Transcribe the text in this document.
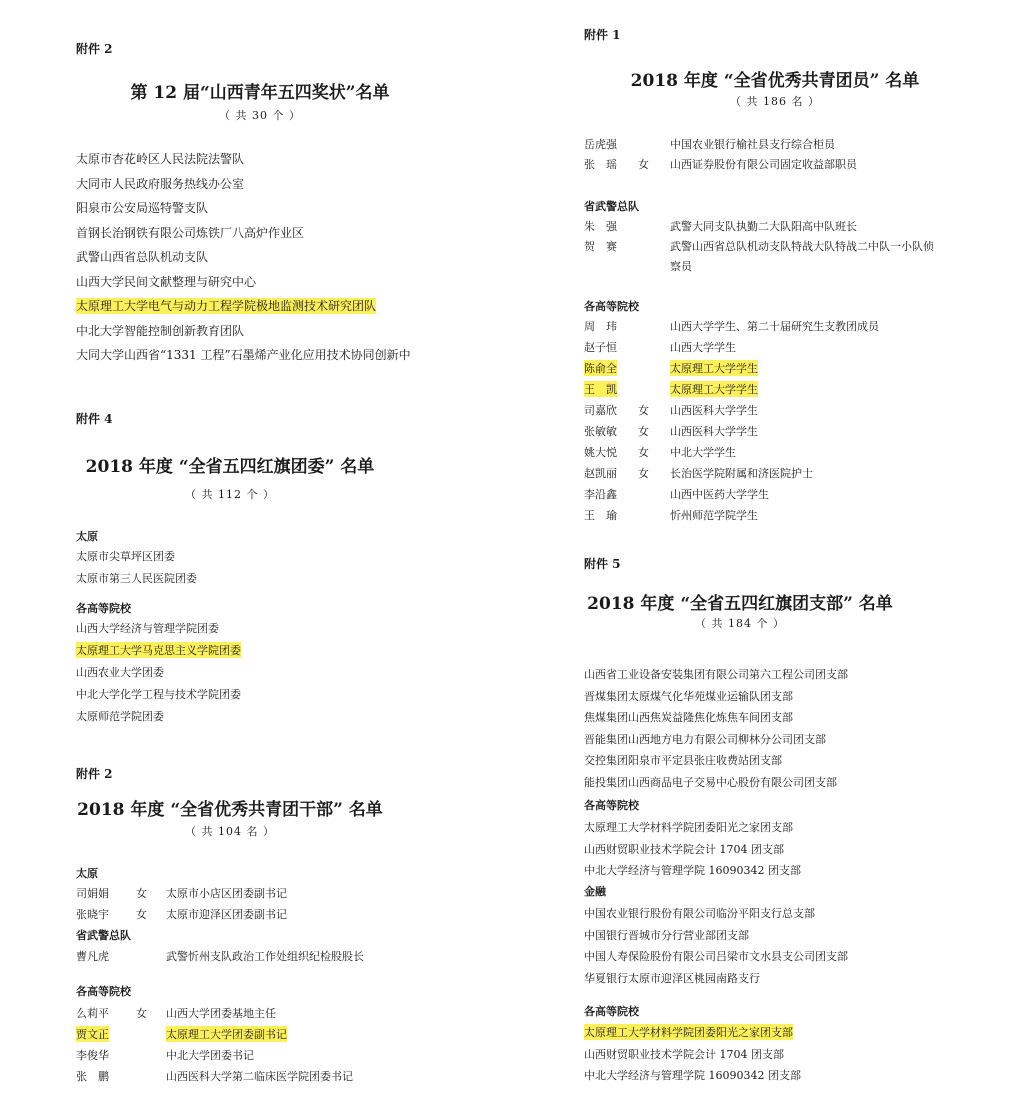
附件 2
第 12 届“山西青年五四奖状”名单
（ 共 30 个 ）
太原市杏花岭区人民法院法警队
大同市人民政府服务热线办公室
阳泉市公安局巡特警支队
首钢长治钢铁有限公司炼铁厂八高炉作业区
武警山西省总队机动支队
山西大学民间文献整理与研究中心
太原理工大学电气与动力工程学院极地监测技术研究团队
中北大学智能控制创新教育团队
大同大学山西省“1331 工程”石墨烯产业化应用技术协同创新中
附件 1
2018 年度 “全省优秀共青团员” 名单
（ 共 186 名 ）
岳虎强	中国农业银行榆社县支行综合柜员
张　瑶 女 山西证券股份有限公司固定收益部职员
省武警总队
朱　强	武警大同支队执勤二大队阳高中队班长
贺　赛	武警山西省总队机动支队特战大队特战二中队一小队侦
察员
各高等院校
周　玮	山西大学学生、第二十届研究生支教团成员
赵子恒	山西大学学生
陈俞全	太原理工大学学生
王　凯	太原理工大学学生
司嘉欣 女 山西医科大学学生
张敏敏 女 山西医科大学学生
姚大悦 女 中北大学学生
赵凯丽 女 长治医学院附属和济医院护士
李沿鑫	山西中医药大学学生
王　瑜	忻州师范学院学生
附件 4
2018 年度 “全省五四红旗团委” 名单
（ 共 112 个 ）
太原
太原市尖草坪区团委
太原市第三人民医院团委
各高等院校
山西大学经济与管理学院团委
太原理工大学马克思主义学院团委
山西农业大学团委
中北大学化学工程与技术学院团委
太原师范学院团委
附件 5
2018 年度 “全省五四红旗团支部” 名单
（ 共 184 个 ）
山西省工业设备安装集团有限公司第六工程公司团支部
晋煤集团太原煤气化华苑煤业运输队团支部
焦煤集团山西焦炭益隆焦化炼焦车间团支部
晋能集团山西地方电力有限公司柳林分公司团支部
交控集团阳泉市平定县张庄收费站团支部
能投集团山西商品电子交易中心股份有限公司团支部
各高等院校
太原理工大学材料学院团委阳光之家团支部
山西财贸职业技术学院会计 1704 团支部
中北大学经济与管理学院 16090342 团支部
金融
中国农业银行股份有限公司临汾平阳支行总支部
中国银行晋城市分行营业部团支部
中国人寿保险股份有限公司吕梁市文水县支公司团支部
华夏银行太原市迎泽区桃园南路支行
各高等院校
太原理工大学材料学院团委阳光之家团支部
山西财贸职业技术学院会计 1704 团支部
中北大学经济与管理学院 16090342 团支部
附件 2
2018 年度 “全省优秀共青团干部” 名单
（ 共 104 名 ）
太原
司娟娟 女 太原市小店区团委副书记
张晓宇 女 太原市迎泽区团委副书记
省武警总队
曹凡虎	武警忻州支队政治工作处组织纪检股股长
各高等院校
么莉平 女 山西大学团委基地主任
贾文正	太原理工大学团委副书记
李俊华	中北大学团委书记
张　鹏	山西医科大学第二临床医学院团委书记
